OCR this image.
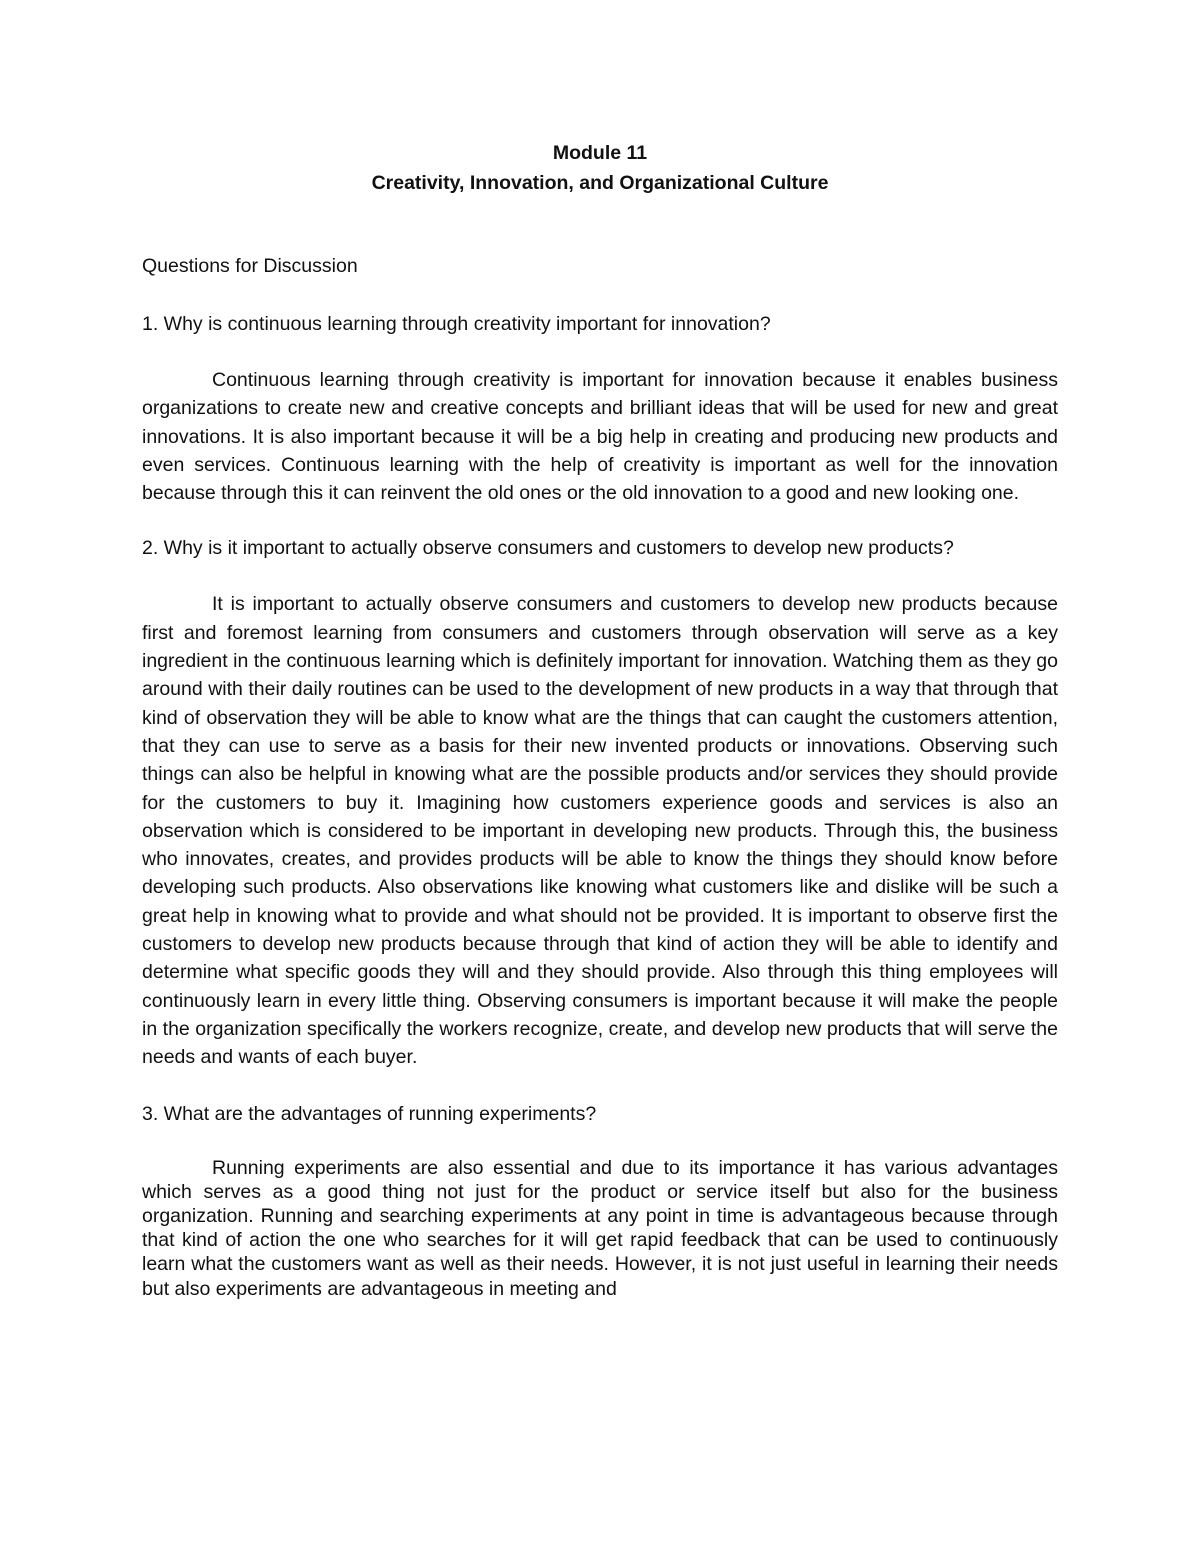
Module 11
Creativity, Innovation, and Organizational Culture
Questions for Discussion
1. Why is continuous learning through creativity important for innovation?
Continuous learning through creativity is important for innovation because it enables business organizations to create new and creative concepts and brilliant ideas that will be used for new and great innovations. It is also important because it will be a big help in creating and producing new products and even services. Continuous learning with the help of creativity is important as well for the innovation because through this it can reinvent the old ones or the old innovation to a good and new looking one.
2. Why is it important to actually observe consumers and customers to develop new products?
It is important to actually observe consumers and customers to develop new products because first and foremost learning from consumers and customers through observation will serve as a key ingredient in the continuous learning which is definitely important for innovation. Watching them as they go around with their daily routines can be used to the development of new products in a way that through that kind of observation they will be able to know what are the things that can caught the customers attention, that they can use to serve as a basis for their new invented products or innovations. Observing such things can also be helpful in knowing what are the possible products and/or services they should provide for the customers to buy it. Imagining how customers experience goods and services is also an observation which is considered to be important in developing new products. Through this, the business who innovates, creates, and provides products will be able to know the things they should know before developing such products. Also observations like knowing what customers like and dislike will be such a great help in knowing what to provide and what should not be provided. It is important to observe first the customers to develop new products because through that kind of action they will be able to identify and determine what specific goods they will and they should provide. Also through this thing employees will continuously learn in every little thing. Observing consumers is important because it will make the people in the organization specifically the workers recognize, create, and develop new products that will serve the needs and wants of each buyer.
3. What are the advantages of running experiments?
Running experiments are also essential and due to its importance it has various advantages which serves as a good thing not just for the product or service itself but also for the business organization. Running and searching experiments at any point in time is advantageous because through that kind of action the one who searches for it will get rapid feedback that can be used to continuously learn what the customers want as well as their needs. However, it is not just useful in learning their needs but also experiments are advantageous in meeting and
